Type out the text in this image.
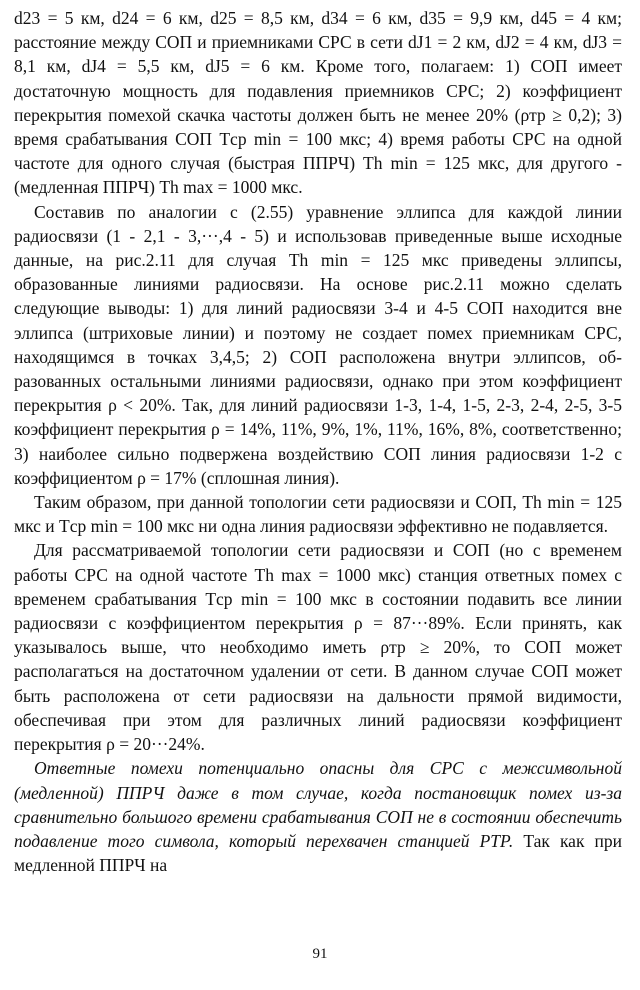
d23 = 5 км, d24 = 6 км, d25 = 8,5 км, d34 = 6 км, d35 = 9,9 км, d45 = 4 км; расстояние между СОП и приемниками СРС в сети dJ1 = 2 км, dJ2 = 4 км, dJ3 = 8,1 км, dJ4 = 5,5 км, dJ5 = 6 км. Кроме того, полагаем: 1) СОП имеет достаточную мощность для подавления приемников СРС; 2) коэффициент перекрытия помехой скачка частоты должен быть не менее 20% (ρтр ≥ 0,2); 3) время срабатывания СОП Tср min = 100 мкс; 4) время работы СРС на одной частоте для одного случая (быстрая ППРЧ) Th min = 125 мкс, для другого - (медленная ППРЧ) Th max = 1000 мкс.

Составив по аналогии с (2.55) уравнение эллипса для каждой линии радиосвязи (1 - 2,1 - 3,···,4 - 5) и использовав приведенные выше исходные данные, на рис.2.11 для случая Th min = 125 мкс приведены эллипсы, образованные линиями радиосвязи. На основе рис.2.11 можно сделать следующие выводы: 1) для линий радиосвязи 3-4 и 4-5 СОП находится вне эллипса (штриховые линии) и поэтому не создает помех приемникам СРС, находящимся в точках 3,4,5; 2) СОП расположена внутри эллипсов, образованных остальными линиями радиосвязи, однако при этом коэффициент перекрытия ρ < 20%. Так, для линий радиосвязи 1-3, 1-4, 1-5, 2-3, 2-4, 2-5, 3-5 коэффициент перекрытия ρ = 14%, 11%, 9%, 1%, 11%, 16%, 8%, соответственно; 3) наиболее сильно подвержена воздействию СОП линия радиосвязи 1-2 с коэффициентом ρ = 17% (сплошная линия).

Таким образом, при данной топологии сети радиосвязи и СОП, Th min = 125 мкс и Tср min = 100 мкс ни одна линия радиосвязи эффективно не подавляется.

Для рассматриваемой топологии сети радиосвязи и СОП (но с временем работы СРС на одной частоте Th max = 1000 мкс) станция ответных помех с временем срабатывания Tср min = 100 мкс в состоянии подавить все линии радиосвязи с коэффициентом перекрытия ρ = 87···89%. Если принять, как указывалось выше, что необходимо иметь ρтр ≥ 20%, то СОП может располагаться на достаточном удалении от сети. В данном случае СОП может быть расположена от сети радиосвязи на дальности прямой видимости, обеспечивая при этом для различных линий радиосвязи коэффициент перекрытия ρ = 20···24%.

Ответные помехи потенциально опасны для СРС с межсимвольной (медленной) ППРЧ даже в том случае, когда постановщик помех из-за сравнительно большого времени срабатывания СОП не в состоянии обеспечить подавление того символа, который перехвачен станцией РТР. Так как при медленной ППРЧ на

91
